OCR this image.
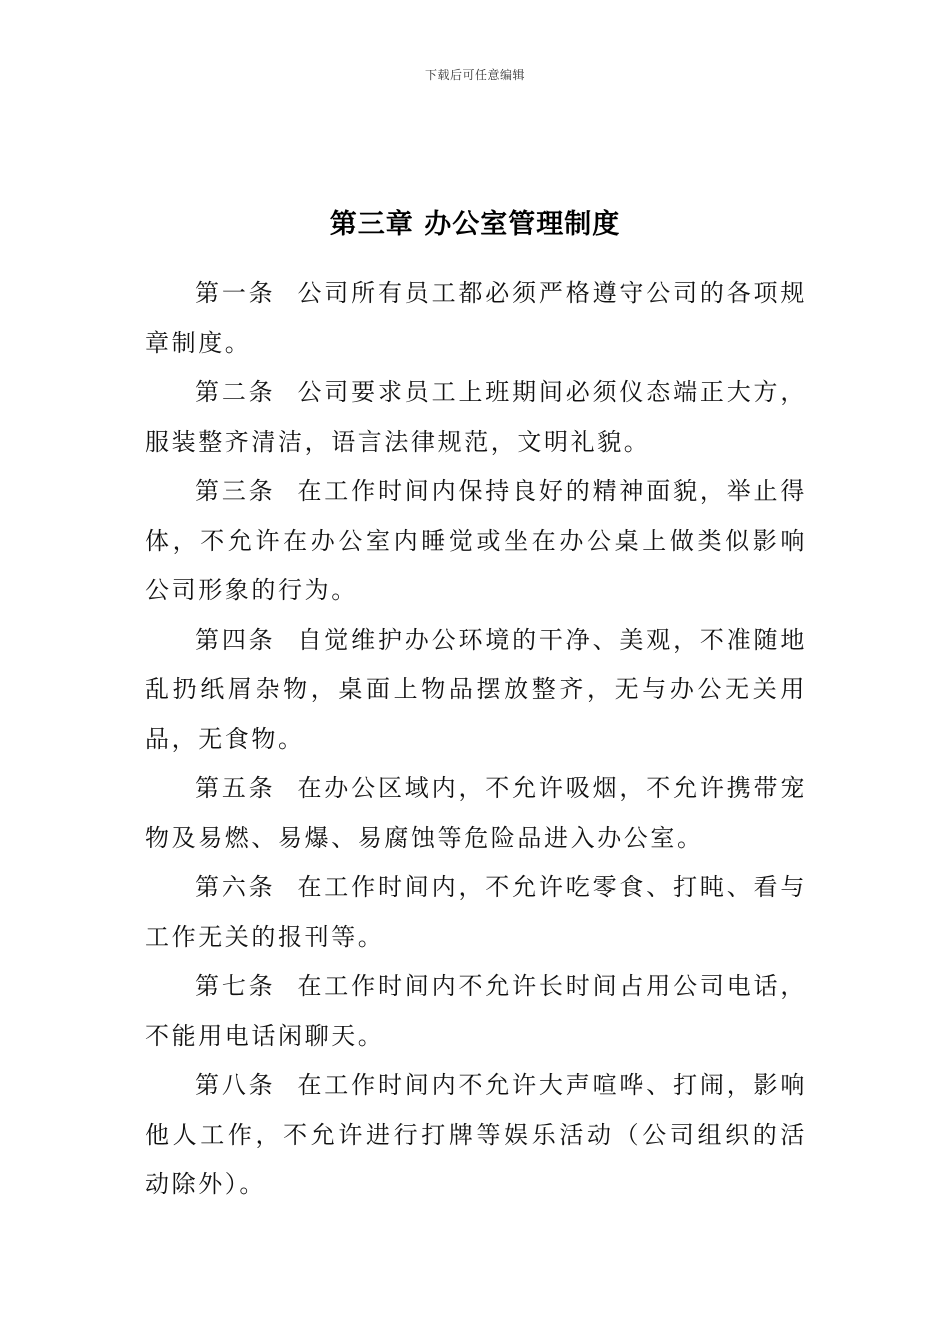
下载后可任意编辑
第三章 办公室管理制度

第一条 公司所有员工都必须严格遵守公司的各项规章制度。

第二条 公司要求员工上班期间必须仪态端正大方，服装整齐清洁，语言法律规范，文明礼貌。

第三条 在工作时间内保持良好的精神面貌，举止得体，不允许在办公室内睡觉或坐在办公桌上做类似影响公司形象的行为。

第四条 自觉维护办公环境的干净、美观，不准随地乱扔纸屑杂物，桌面上物品摆放整齐，无与办公无关用品，无食物。

第五条 在办公区域内，不允许吸烟，不允许携带宠物及易燃、易爆、易腐蚀等危险品进入办公室。

第六条 在工作时间内，不允许吃零食、打盹、看与工作无关的报刊等。

第七条 在工作时间内不允许长时间占用公司电话，不能用电话闲聊天。

第八条 在工作时间内不允许大声喧哗、打闹，影响他人工作，不允许进行打牌等娱乐活动（公司组织的活动除外）。
